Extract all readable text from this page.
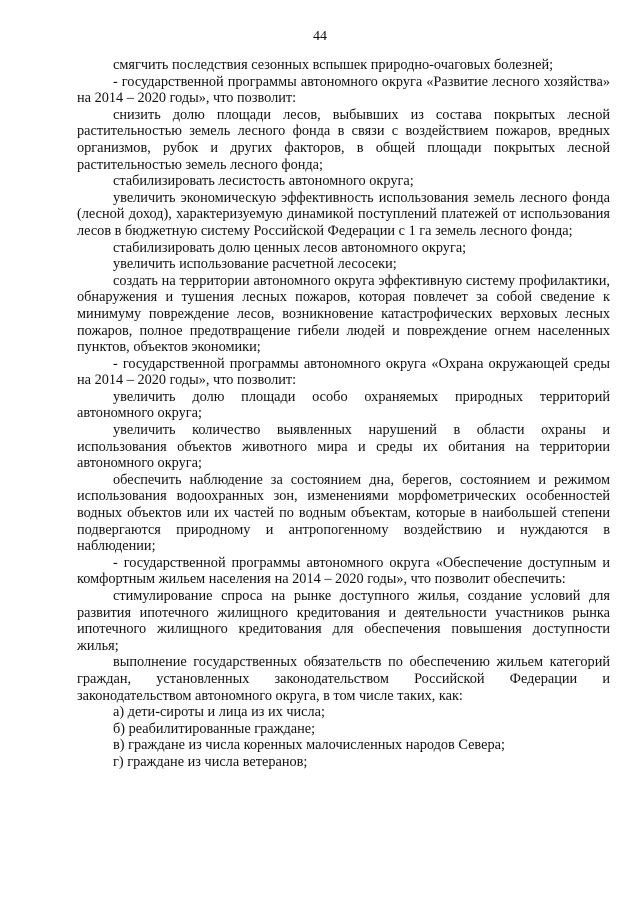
44

смягчить последствия сезонных вспышек природно-очаговых болезней;

- государственной программы автономного округа «Развитие лесного хозяйства» на 2014 – 2020 годы», что позволит:

снизить долю площади лесов, выбывших из состава покрытых лесной растительностью земель лесного фонда в связи с воздействием пожаров, вредных организмов, рубок и других факторов, в общей площади покрытых лесной растительностью земель лесного фонда;

стабилизировать лесистость автономного округа;

увеличить экономическую эффективность использования земель лесного фонда (лесной доход), характеризуемую динамикой поступлений платежей от использования лесов в бюджетную систему Российской Федерации с 1 га земель лесного фонда;

стабилизировать долю ценных лесов автономного округа;

увеличить использование расчетной лесосеки;

создать на территории автономного округа эффективную систему профилактики, обнаружения и тушения лесных пожаров, которая повлечет за собой сведение к минимуму повреждение лесов, возникновение катастрофических верховых лесных пожаров, полное предотвращение гибели людей и повреждение огнем населенных пунктов, объектов экономики;

- государственной программы автономного округа «Охрана окружающей среды на 2014 – 2020 годы», что позволит:

увеличить долю площади особо охраняемых природных территорий автономного округа;

увеличить количество выявленных нарушений в области охраны и использования объектов животного мира и среды их обитания на территории автономного округа;

обеспечить наблюдение за состоянием дна, берегов, состоянием и режимом использования водоохранных зон, изменениями морфометрических особенностей водных объектов или их частей по водным объектам, которые в наибольшей степени подвергаются природному и антропогенному воздействию и нуждаются в наблюдении;

- государственной программы автономного округа «Обеспечение доступным и комфортным жильем населения на 2014 – 2020 годы», что позволит обеспечить:

стимулирование спроса на рынке доступного жилья, создание условий для развития ипотечного жилищного кредитования и деятельности участников рынка ипотечного жилищного кредитования для обеспечения повышения доступности жилья;

выполнение государственных обязательств по обеспечению жильем категорий граждан, установленных законодательством Российской Федерации и законодательством автономного округа, в том числе таких, как:

а) дети-сироты и лица из их числа;

б) реабилитированные граждане;

в) граждане из числа коренных малочисленных народов Севера;

г) граждане из числа ветеранов;
